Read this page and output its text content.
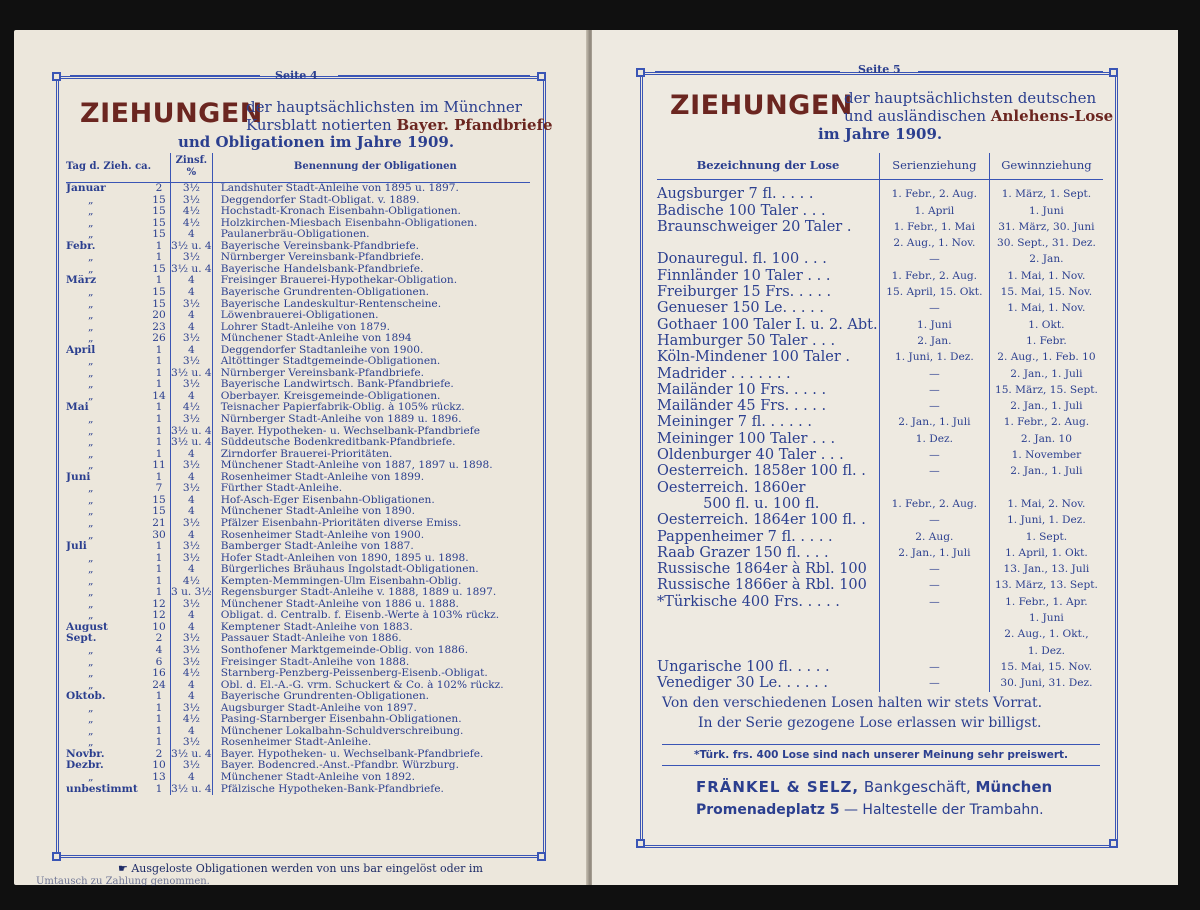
Seite 4
ZIEHUNGEN
der hauptsächlichsten im Münchner
Kursblatt notierten Bayer. Pfandbriefe
und Obligationen im Jahre 1909.
Tag d. Zieh. ca.		Zinsf. %	Benennung der Obligationen
Januar	2	3½	Landshuter Stadt-Anleihe von 1895 u. 1897.
„	15	3½	Deggendorfer Stadt-Obligat. v. 1889.
„	15	4½	Hochstadt-Kronach Eisenbahn-Obligationen.
„	15	4½	Holzkirchen-Miesbach Eisenbahn-Obligationen.
„	15	4	Paulanerbräu-Obligationen.
Febr.	1	3½ u. 4	Bayerische Vereinsbank-Pfandbriefe.
„	1	3½	Nürnberger Vereinsbank-Pfandbriefe.
„	15	3½ u. 4	Bayerische Handelsbank-Pfandbriefe.
März	1	4	Freisinger Brauerei-Hypothekar-Obligation.
„	15	4	Bayerische Grundrenten-Obligationen.
„	15	3½	Bayerische Landeskultur-Rentenscheine.
„	20	4	Löwenbrauerei-Obligationen.
„	23	4	Lohrer Stadt-Anleihe von 1879.
„	26	3½	Münchener Stadt-Anleihe von 1894
April	1	4	Deggendorfer Stadtanleihe von 1900.
„	1	3½	Altöttinger Stadtgemeinde-Obligationen.
„	1	3½ u. 4	Nürnberger Vereinsbank-Pfandbriefe.
„	1	3½	Bayerische Landwirtsch. Bank-Pfandbriefe.
„	14	4	Oberbayer. Kreisgemeinde-Obligationen.
Mai	1	4½	Teisnacher Papierfabrik-Oblig. à 105% rückz.
„	1	3½	Nürnberger Stadt-Anleihe von 1889 u. 1896.
„	1	3½ u. 4	Bayer. Hypotheken- u. Wechselbank-Pfandbriefe
„	1	3½ u. 4	Süddeutsche Bodenkreditbank-Pfandbriefe.
„	1	4	Zirndorfer Brauerei-Prioritäten.
„	11	3½	Münchener Stadt-Anleihe von 1887, 1897 u. 1898.
Juni	1	4	Rosenheimer Stadt-Anleihe von 1899.
„	7	3½	Fürther Stadt-Anleihe.
„	15	4	Hof-Asch-Eger Eisenbahn-Obligationen.
„	15	4	Münchener Stadt-Anleihe von 1890.
„	21	3½	Pfälzer Eisenbahn-Prioritäten diverse Emiss.
„	30	4	Rosenheimer Stadt-Anleihe von 1900.
Juli	1	3½	Bamberger Stadt-Anleihe von 1887.
„	1	3½	Hofer Stadt-Anleihen von 1890, 1895 u. 1898.
„	1	4	Bürgerliches Bräuhaus Ingolstadt-Obligationen.
„	1	4½	Kempten-Memmingen-Ulm Eisenbahn-Oblig.
„	1	3 u. 3½	Regensburger Stadt-Anleihe v. 1888, 1889 u. 1897.
„	12	3½	Münchener Stadt-Anleihe von 1886 u. 1888.
„	12	4	Obligat. d. Centralb. f. Eisenb.-Werte à 103% rückz.
August	10	4	Kemptener Stadt-Anleihe von 1883.
Sept.	2	3½	Passauer Stadt-Anleihe von 1886.
„	4	3½	Sonthofener Marktgemeinde-Oblig. von 1886.
„	6	3½	Freisinger Stadt-Anleihe von 1888.
„	16	4½	Starnberg-Penzberg-Peissenberg-Eisenb.-Obligat.
„	24	4	Obl. d. El.-A.-G. vrm. Schuckert & Co. à 102% rückz.
Oktob.	1	4	Bayerische Grundrenten-Obligationen.
„	1	3½	Augsburger Stadt-Anleihe von 1897.
„	1	4½	Pasing-Starnberger Eisenbahn-Obligationen.
„	1	4	Münchener Lokalbahn-Schuldverschreibung.
„	1	3½	Rosenheimer Stadt-Anleihe.
Novbr.	2	3½ u. 4	Bayer. Hypotheken- u. Wechselbank-Pfandbriefe.
Dezbr.	10	3½	Bayer. Bodencred.-Anst.-Pfandbr. Würzburg.
„	13	4	Münchener Stadt-Anleihe von 1892.
unbestimmt	1	3½ u. 4	Pfälzische Hypotheken-Bank-Pfandbriefe.
☛ Ausgeloste Obligationen werden von uns bar eingelöst oder im
Umtausch zu Zahlung genommen.
Seite 5
ZIEHUNGEN
der hauptsächlichsten deutschen
und ausländischen Anlehens-Lose
im Jahre 1909.
Bezeichnung der Lose	Serienziehung	Gewinnziehung
Augsburger 7 fl. . . . .	1. Febr., 2. Aug.	1. März, 1. Sept.
Badische 100 Taler . . .	1. April	1. Juni
Braunschweiger 20 Taler .	1. Febr., 1. Mai	31. März, 30. Juni
	2. Aug., 1. Nov.	30. Sept., 31. Dez.
Donauregul. fl. 100 . . .	—	2. Jan.
Finnländer 10 Taler . . .	1. Febr., 2. Aug.	1. Mai, 1. Nov.
Freiburger 15 Frs. . . . .	15. April, 15. Okt.	15. Mai, 15. Nov.
Genueser 150 Le. . . . .	—	1. Mai, 1. Nov.
Gothaer 100 Taler I. u. 2. Abt.	1. Juni	1. Okt.
Hamburger 50 Taler . . .	2. Jan.	1. Febr.
Köln-Mindener 100 Taler .	1. Juni, 1. Dez.	2. Aug., 1. Feb. 10
Madrider . . . . . . .	—	2. Jan., 1. Juli
Mailänder 10 Frs. . . . .	—	15. März, 15. Sept.
Mailänder 45 Frs. . . . .	—	2. Jan., 1. Juli
Meininger 7 fl. . . . . .	2. Jan., 1. Juli	1. Febr., 2. Aug.
Meininger 100 Taler . . .	1. Dez.	2. Jan. 10
Oldenburger 40 Taler . . .	—	1. November
Oesterreich. 1858er 100 fl. .	—	2. Jan., 1. Juli
Oesterreich. 1860er		
500 fl. u. 100 fl.	1. Febr., 2. Aug.	1. Mai, 2. Nov.
Oesterreich. 1864er 100 fl. .	—	1. Juni, 1. Dez.
Pappenheimer 7 fl. . . . .	2. Aug.	1. Sept.
Raab Grazer 150 fl. . . .	2. Jan., 1. Juli	1. April, 1. Okt.
Russische 1864er à Rbl. 100	—	13. Jan., 13. Juli
Russische 1866er à Rbl. 100	—	13. März, 13. Sept.
*Türkische 400 Frs. . . . .	—	1. Febr., 1. Apr.
		1. Juni
		2. Aug., 1. Okt.,
		1. Dez.
Ungarische 100 fl. . . . .	—	15. Mai, 15. Nov.
Venediger 30 Le. . . . . .	—	30. Juni, 31. Dez.
Von den verschiedenen Losen halten wir stets Vorrat.
In der Serie gezogene Lose erlassen wir billigst.
*Türk. frs. 400 Lose sind nach unserer Meinung sehr preiswert.
FRÄNKEL & SELZ, Bankgeschäft, München
Promenadeplatz 5 — Haltestelle der Trambahn.
